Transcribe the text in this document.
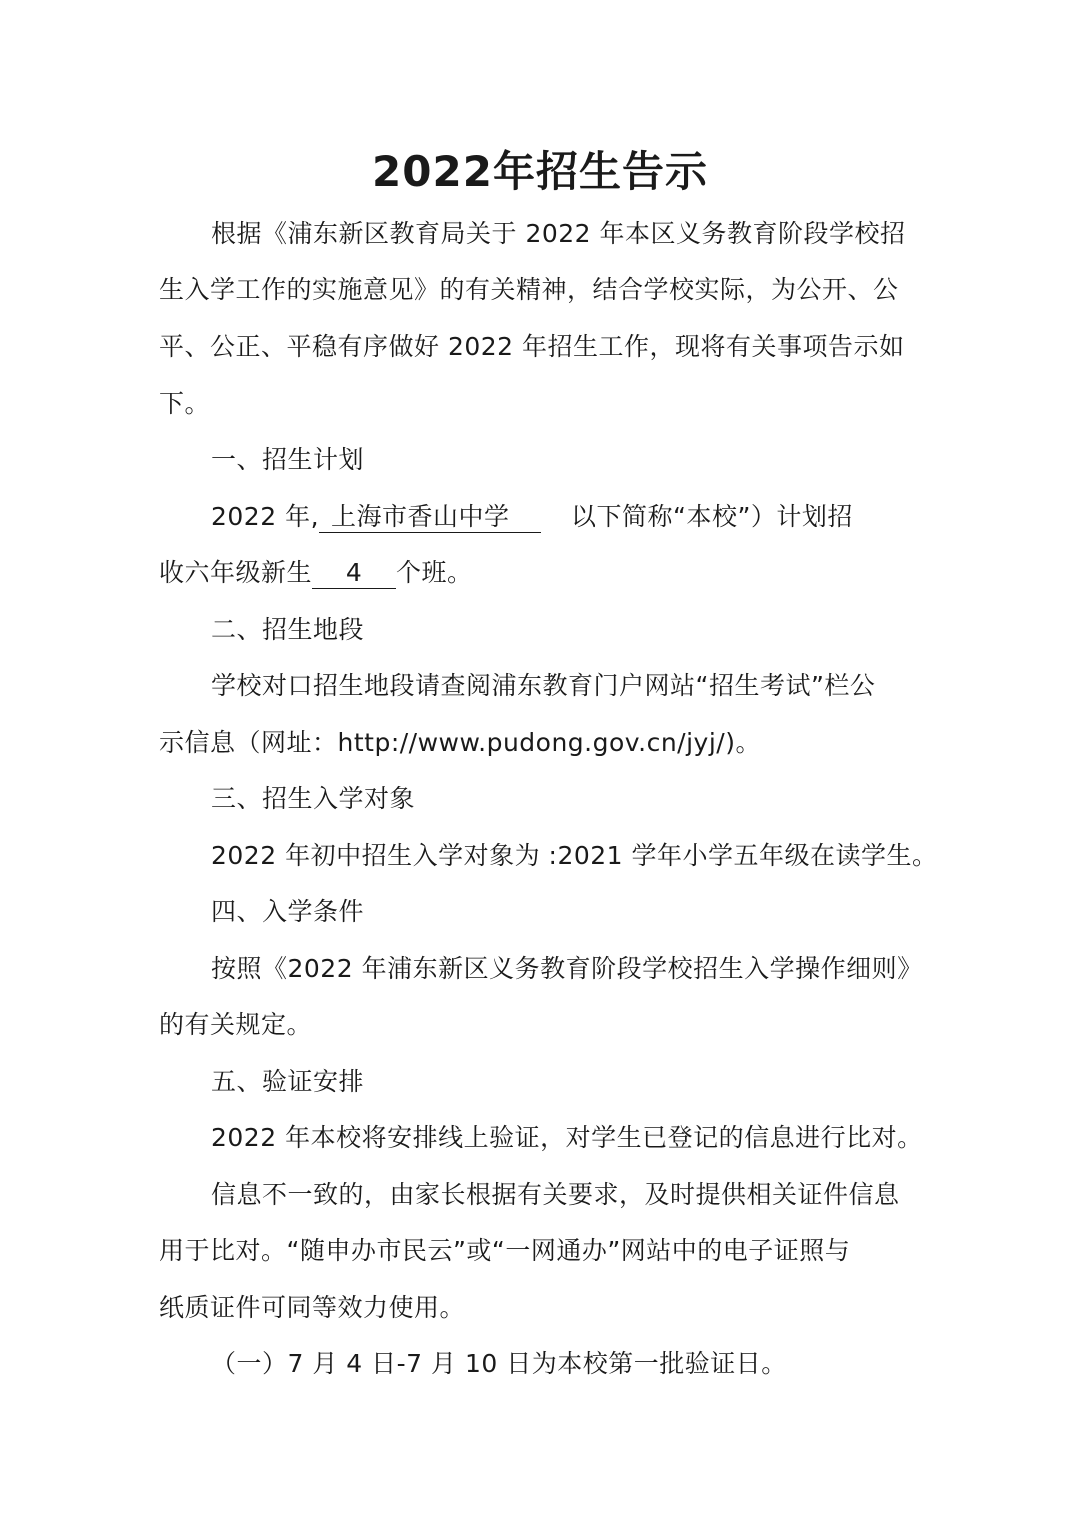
2022年招生告示
根据《浦东新区教育局关于 2022 年本区义务教育阶段学校招
生入学工作的实施意见》的有关精神，结合学校实际，为公开、公
平、公正、平稳有序做好 2022 年招生工作，现将有关事项告示如
下。
一、招生计划
2022 年, 上海市香山中学 以下简称“本校”）计划招
收六年级新生 4 个班。
二、招生地段
学校对口招生地段请查阅浦东教育门户网站“招生考试”栏公
示信息（网址：http://www.pudong.gov.cn/jyj/)。
三、招生入学对象
2022 年初中招生入学对象为 :2021 学年小学五年级在读学生。
四、入学条件
按照《2022 年浦东新区义务教育阶段学校招生入学操作细则》
的有关规定。
五、验证安排
2022 年本校将安排线上验证，对学生已登记的信息进行比对。
信息不一致的，由家长根据有关要求，及时提供相关证件信息
用于比对。“随申办市民云”或“一网通办”网站中的电子证照与
纸质证件可同等效力使用。
（一）7 月 4 日-7 月 10 日为本校第一批验证日。
